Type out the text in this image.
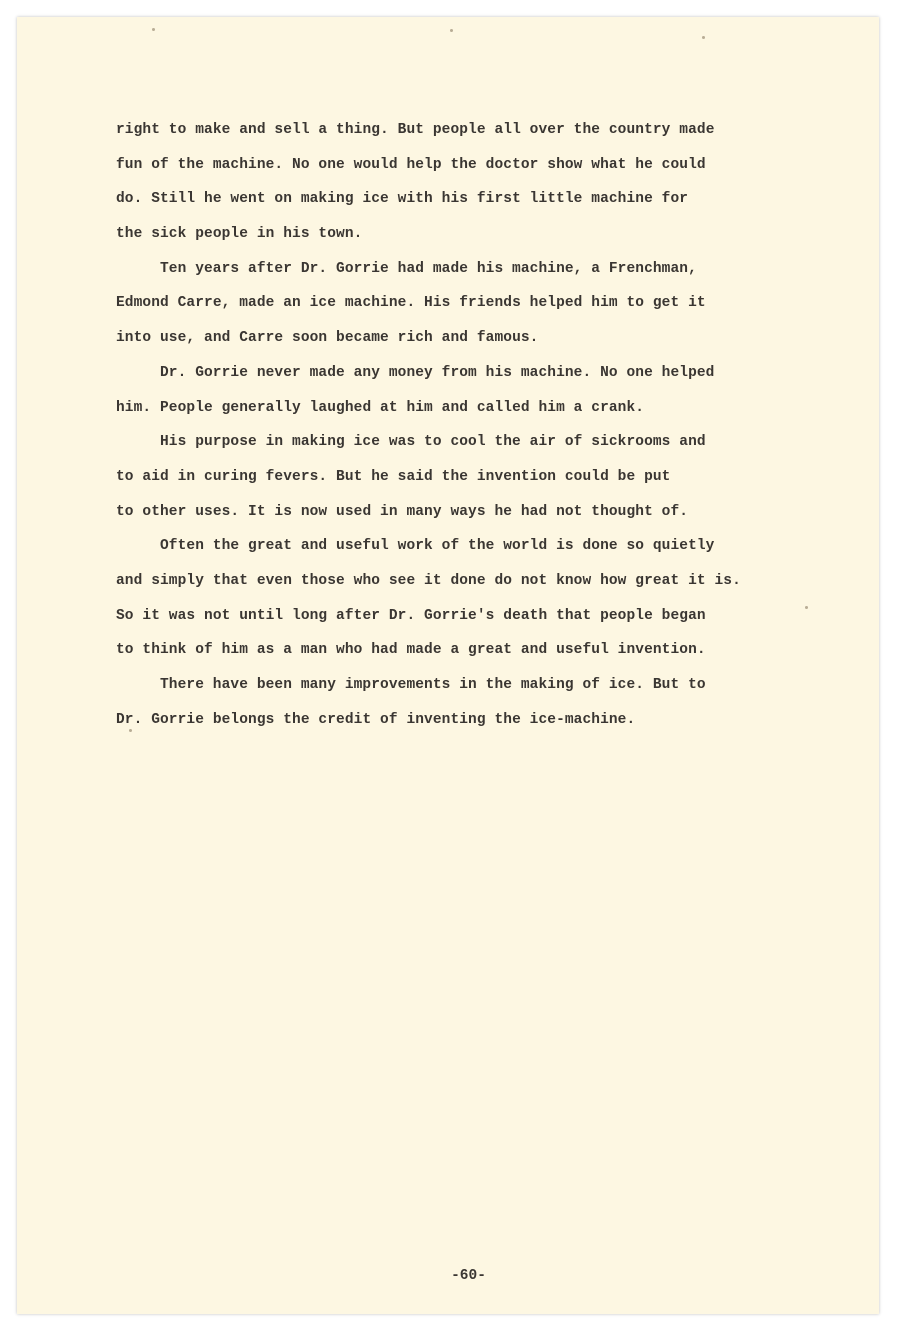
right to make and sell a thing. But people all over the country made
fun of the machine. No one would help the doctor show what he could
do. Still he went on making ice with his first little machine for
the sick people in his town.
Ten years after Dr. Gorrie had made his machine, a Frenchman,
Edmond Carre, made an ice machine. His friends helped him to get it
into use, and Carre soon became rich and famous.
Dr. Gorrie never made any money from his machine. No one helped
him. People generally laughed at him and called him a crank.
His purpose in making ice was to cool the air of sickrooms and
to aid in curing fevers. But he said the invention could be put
to other uses. It is now used in many ways he had not thought of.
Often the great and useful work of the world is done so quietly
and simply that even those who see it done do not know how great it is.
So it was not until long after Dr. Gorrie's death that people began
to think of him as a man who had made a great and useful invention.
There have been many improvements in the making of ice. But to
Dr. Gorrie belongs the credit of inventing the ice-machine.
-60-
